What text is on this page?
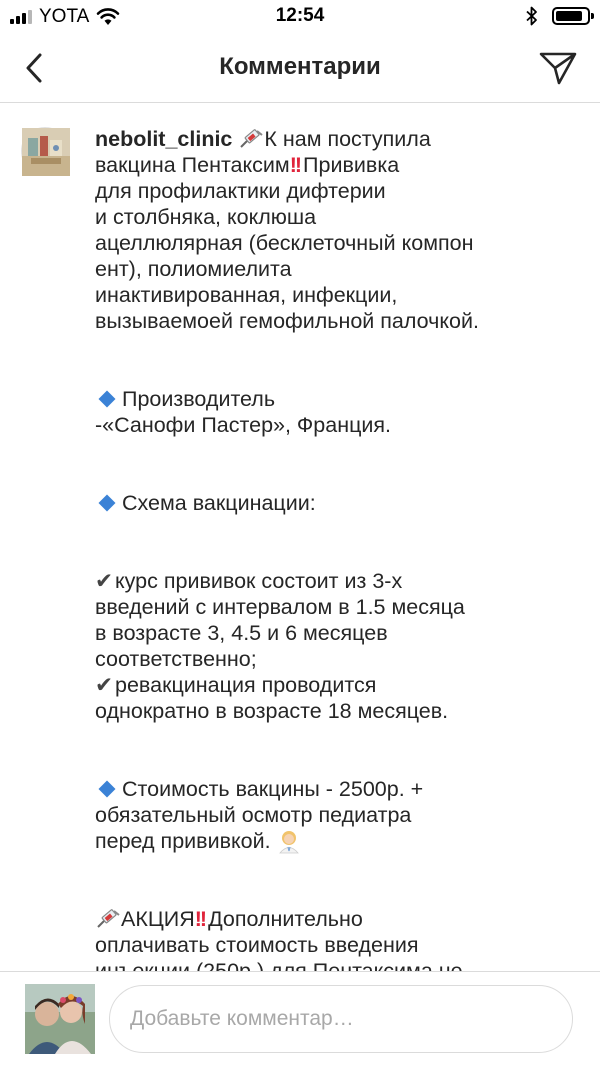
YOTA	12:54
Комментарии
nebolit_clinic К нам поступила
вакцина Пентаксим!! Прививка
для профилактики дифтерии
и столбняка, коклюша
ацеллюлярная (бесклеточный компон
ент), полиомиелита
инактивированная, инфекции,
вызываемоей гемофильной палочкой.
Производитель
-«Санофи Пастер», Франция.
Схема вакцинации:
✔курс прививок состоит из 3-х
введений с интервалом в 1.5 месяца
в возрасте 3, 4.5 и 6 месяцев
соответственно;
✔ревакцинация проводится
однократно в возрасте 18 месяцев.
Стоимость вакцины - 2500р. +
обязательный осмотр педиатра
перед прививкой.
АКЦИЯ!! Дополнительно
оплачивать стоимость введения

Добавьте комментар…
